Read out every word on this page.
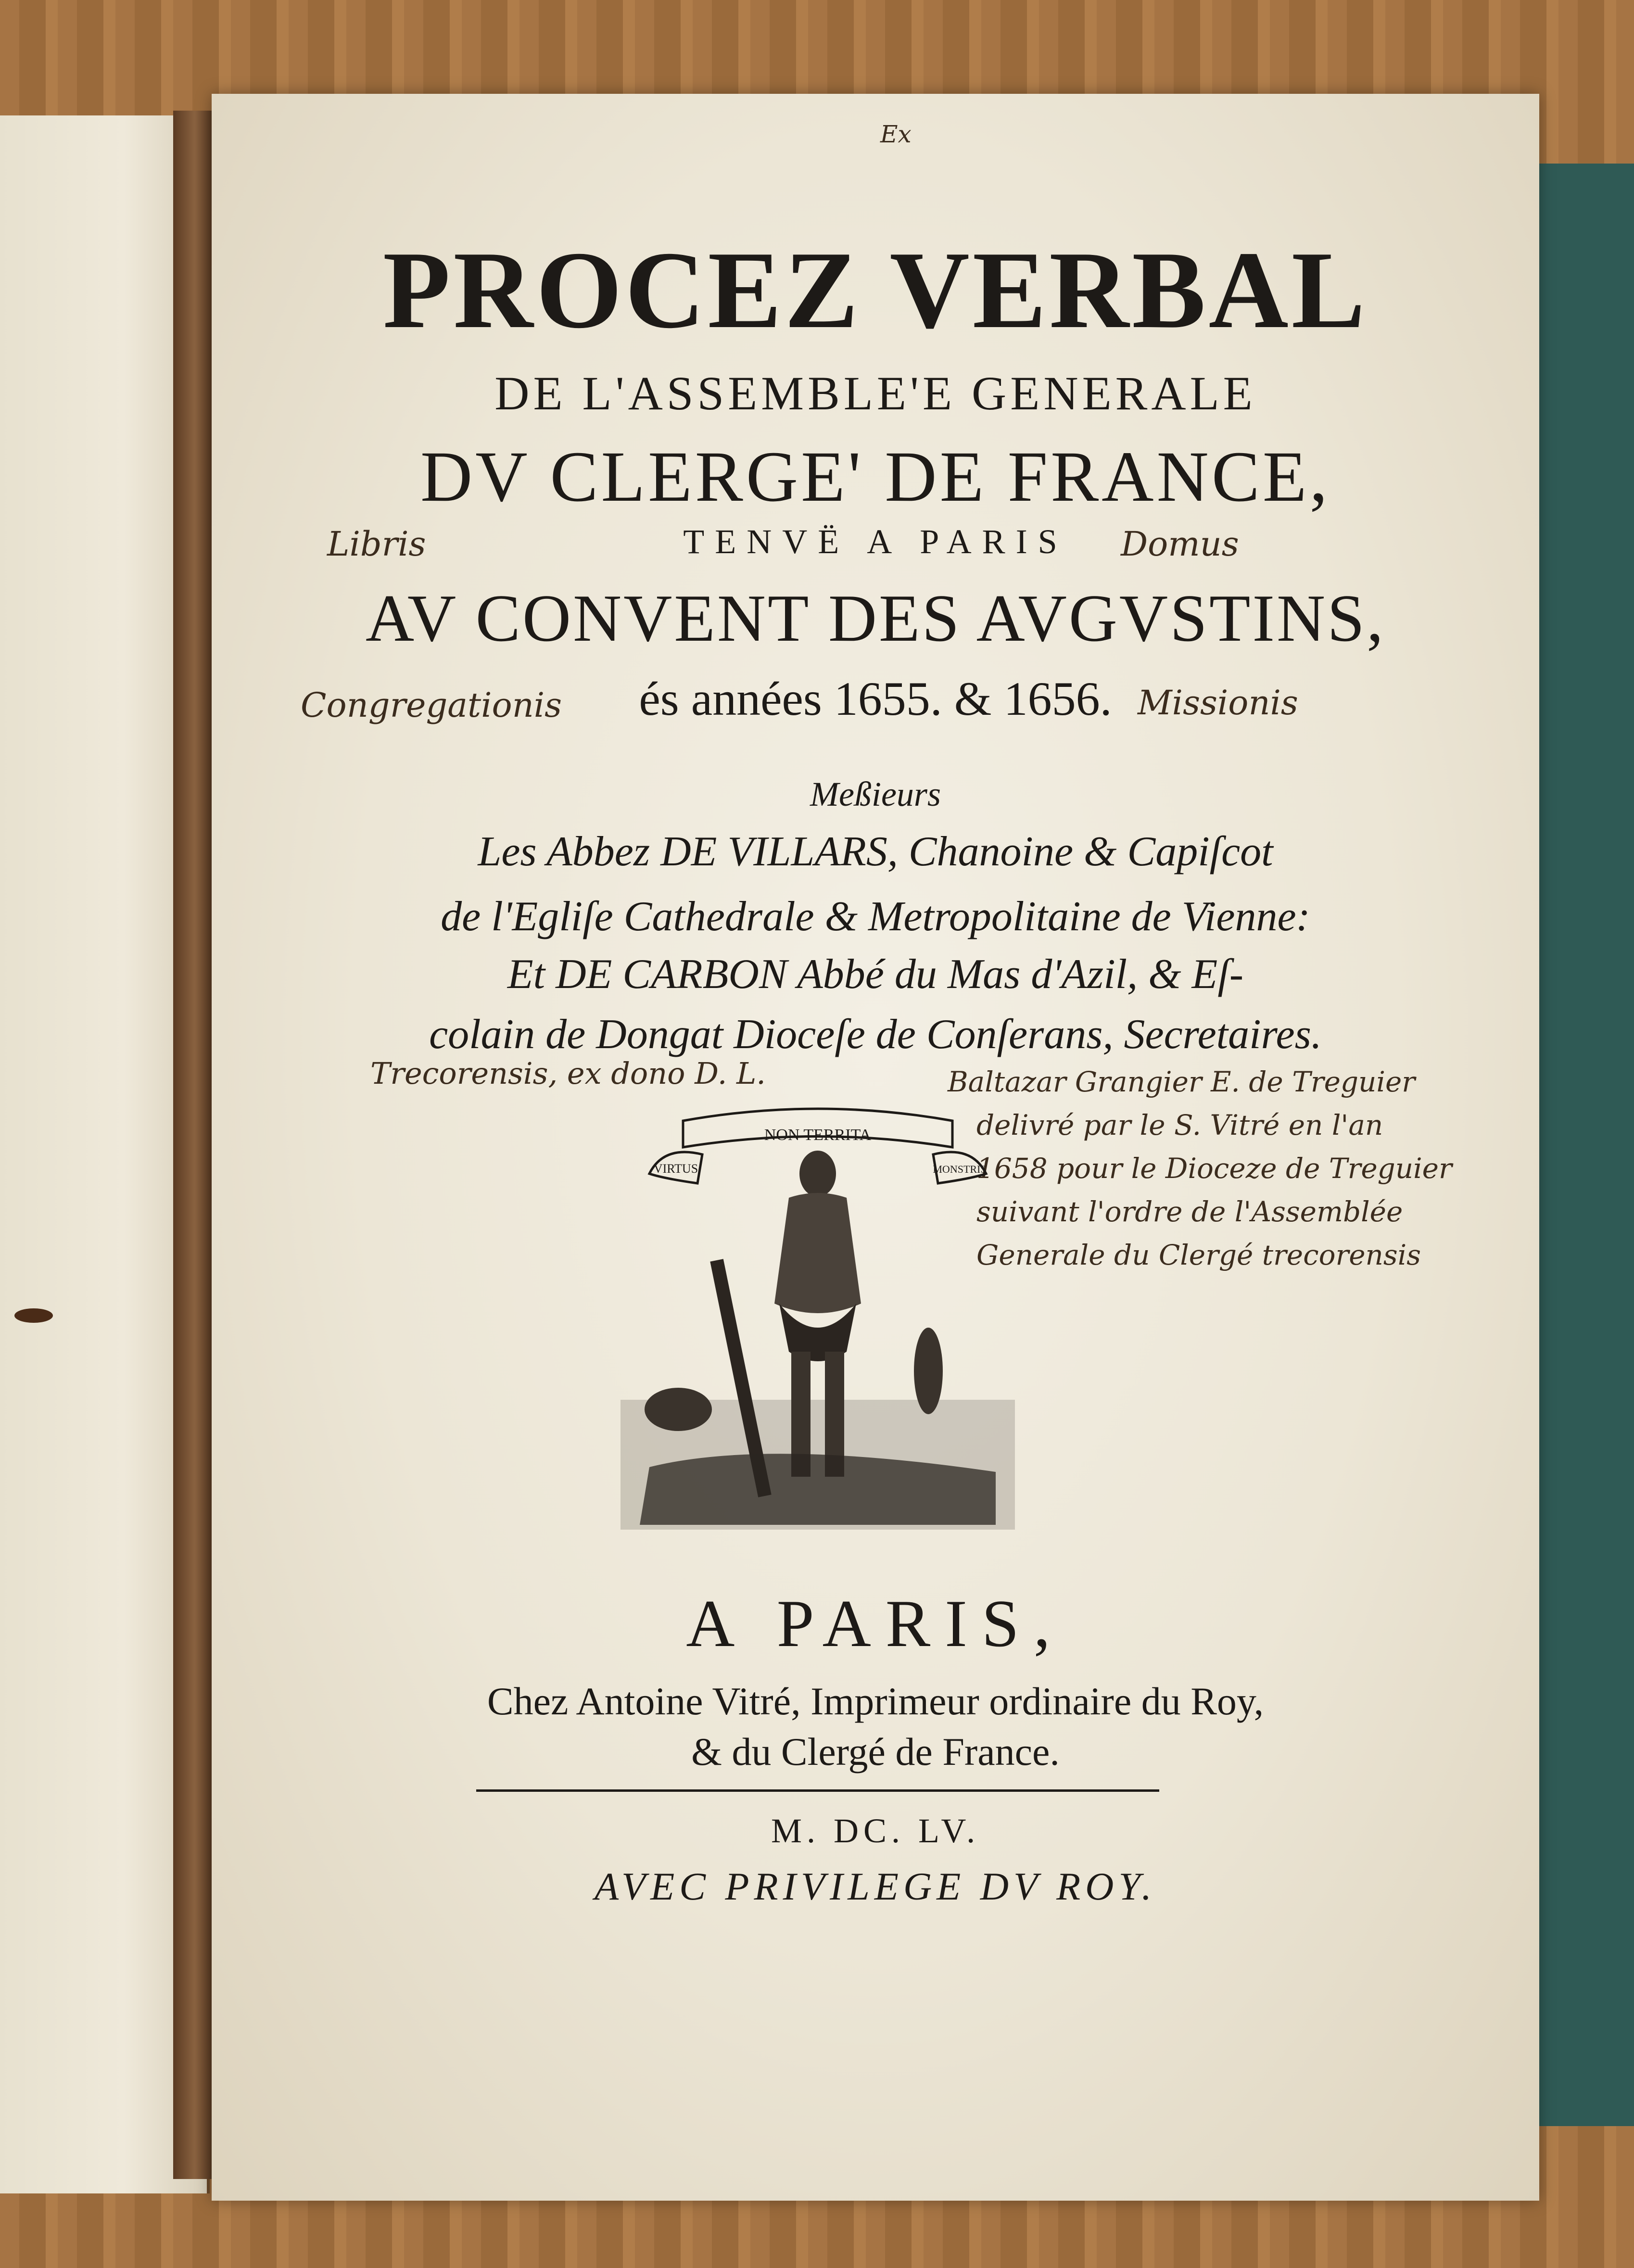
Ex
PROCEZ VERBAL
DE L'ASSEMBLE'E GENERALE
DV CLERGE' DE FRANCE,
TENVË A PARIS
AV CONVENT DES AVGVSTINS,
és années 1655. & 1656.
Libris	Domus
Congregationis	Missionis
Meßieurs
Les Abbez DE VILLARS, Chanoine & Capiſcot
de l'Egliſe Cathedrale & Metropolitaine de Vienne:
Et DE CARBON Abbé du Mas d'Azil, & Eſ-
colain de Dongat Dioceſe de Conſerans, Secretaires.
Trecorensis, ex dono D. L.	Baltazar Grangier E. de Treguier
delivré par le S. Vitré en l'an
1658 pour le Dioceze de Treguier
suivant l'ordre de l'Assemblée
Generale du Clergé trecorensis
NON TERRITA
VIRTUS	MONSTRIS
A PARIS,
Chez Antoine Vitré, Imprimeur ordinaire du Roy,
& du Clergé de France.
M. DC. LV.
AVEC PRIVILEGE DV ROY.
